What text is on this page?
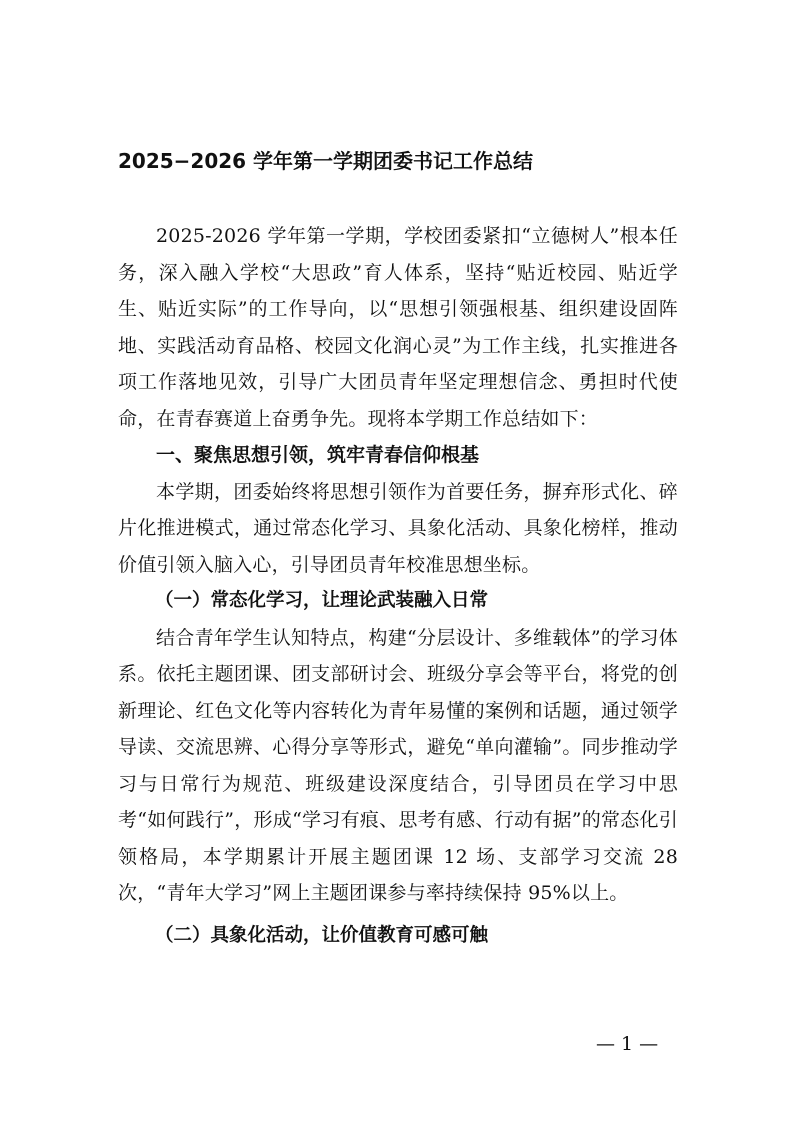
2025−2026 学年第一学期团委书记工作总结

2025-2026 学年第一学期，学校团委紧扣“立德树人”根本任务，深入融入学校“大思政”育人体系，坚持“贴近校园、贴近学生、贴近实际”的工作导向，以“思想引领强根基、组织建设固阵地、实践活动育品格、校园文化润心灵”为工作主线，扎实推进各项工作落地见效，引导广大团员青年坚定理想信念、勇担时代使命，在青春赛道上奋勇争先。现将本学期工作总结如下：

一、聚焦思想引领，筑牢青春信仰根基

本学期，团委始终将思想引领作为首要任务，摒弃形式化、碎片化推进模式，通过常态化学习、具象化活动、具象化榜样，推动价值引领入脑入心，引导团员青年校准思想坐标。

（一）常态化学习，让理论武装融入日常

结合青年学生认知特点，构建“分层设计、多维载体”的学习体系。依托主题团课、团支部研讨会、班级分享会等平台，将党的创新理论、红色文化等内容转化为青年易懂的案例和话题，通过领学导读、交流思辨、心得分享等形式，避免“单向灌输”。同步推动学习与日常行为规范、班级建设深度结合，引导团员在学习中思考“如何践行”，形成“学习有痕、思考有感、行动有据”的常态化引领格局，本学期累计开展主题团课 12 场、支部学习交流 28 次，“青年大学习”网上主题团课参与率持续保持 95%以上。

（二）具象化活动，让价值教育可感可触

— 1 —
